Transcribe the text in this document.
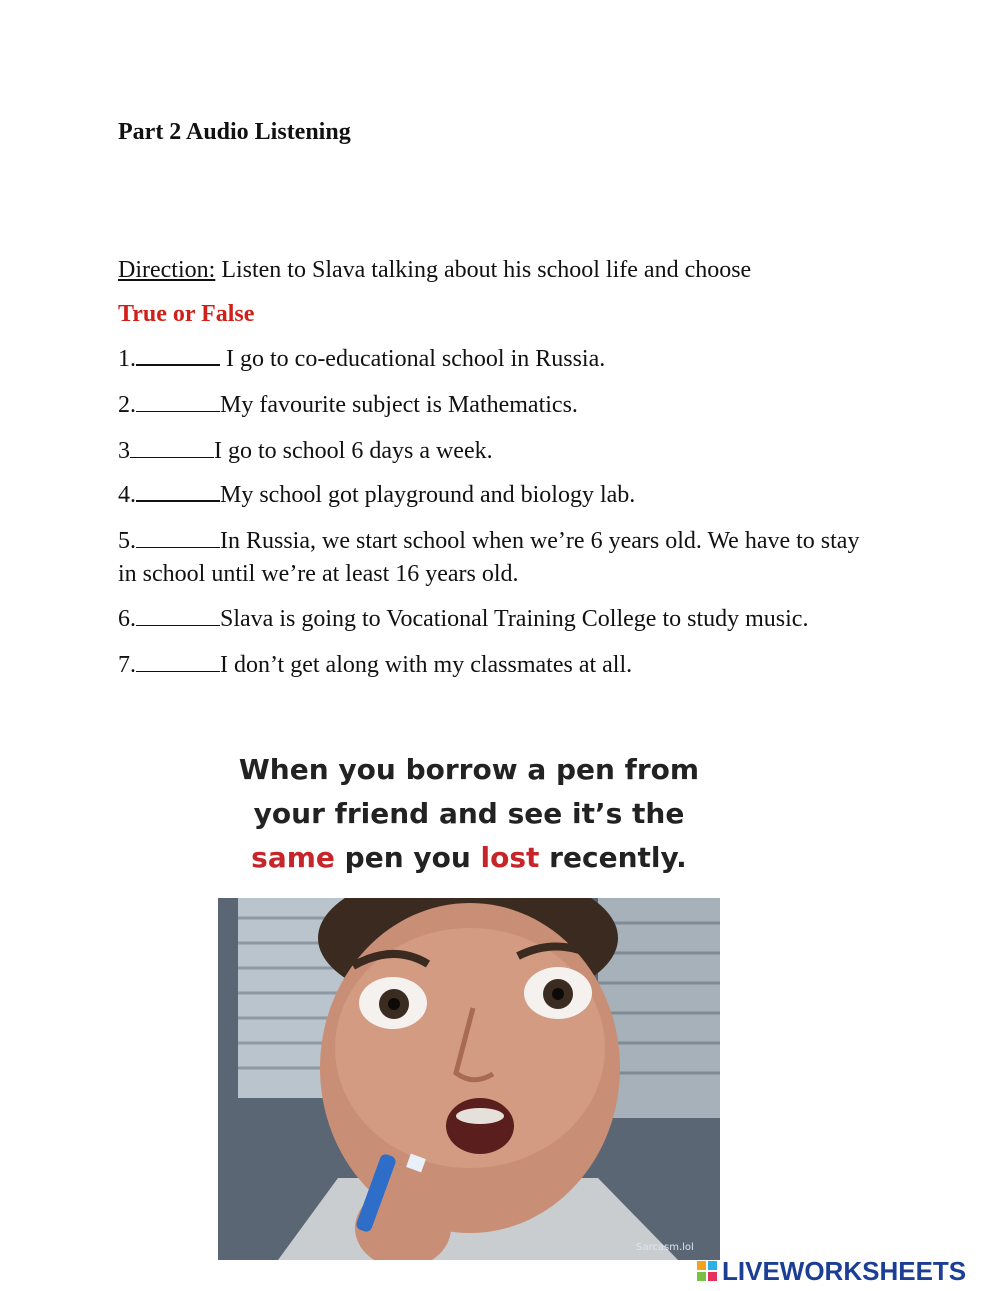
Part 2 Audio Listening
Direction: Listen to Slava talking about his school life and choose
True or False
1.	I go to co-educational school in Russia.
2.	My favourite subject is Mathematics.
3	I go to school 6 days a week.
4.	My school got playground and biology lab.
5.	In Russia, we start school when we’re 6 years old. We have to stay in school until we’re at least 16 years old.
6.	Slava is going to Vocational Training College to study music.
7.	I don’t get along with my classmates at all.
When you borrow a pen from
your friend and see it’s the
same pen you lost recently.
Sarcasm.lol
LIVEWORKSHEETS
